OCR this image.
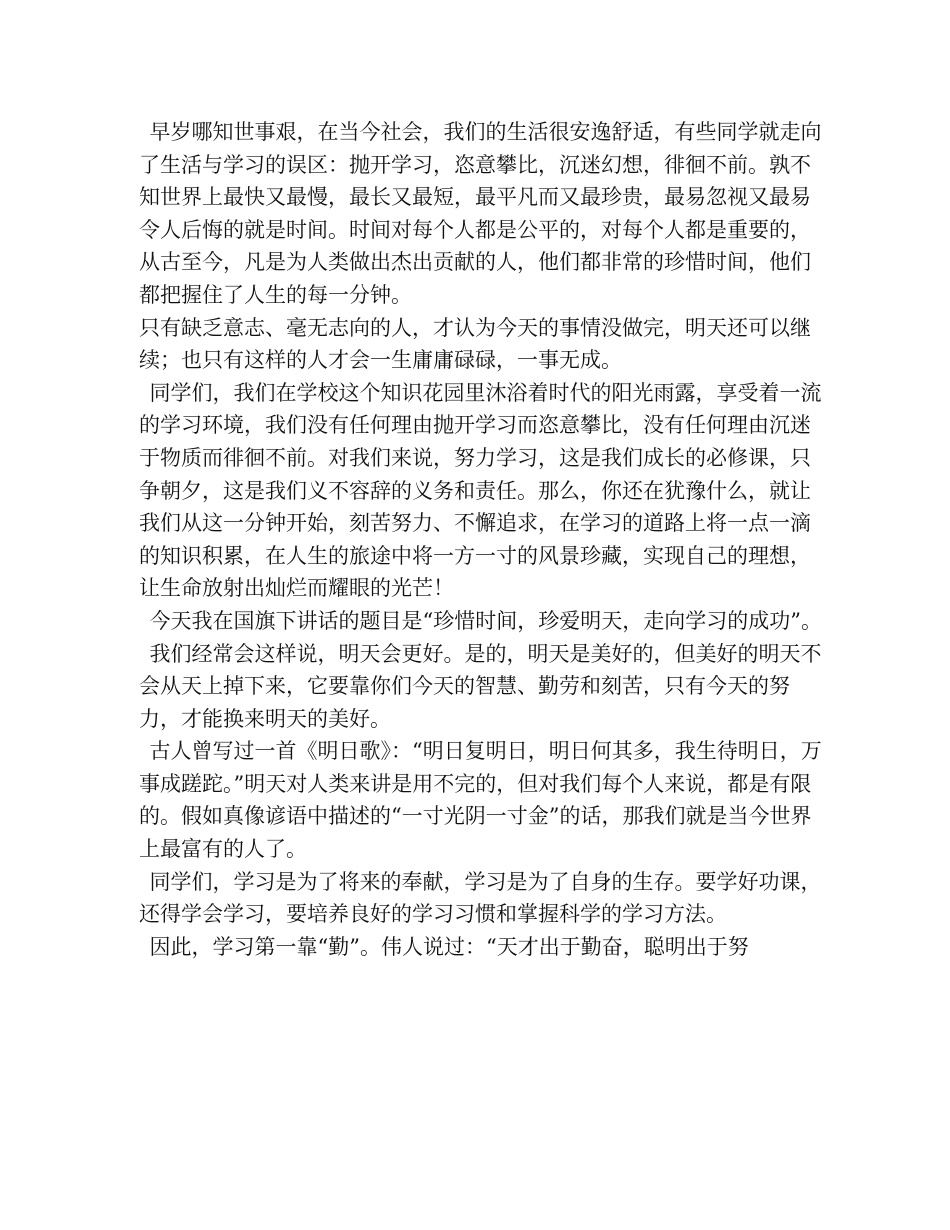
 早岁哪知世事艰，在当今社会，我们的生活很安逸舒适，有些同学就走向了生活与学习的误区：抛开学习，恣意攀比，沉迷幻想，徘徊不前。孰不知世界上最快又最慢，最长又最短，最平凡而又最珍贵，最易忽视又最易令人后悔的就是时间。时间对每个人都是公平的，对每个人都是重要的，从古至今，凡是为人类做出杰出贡献的人，他们都非常的珍惜时间，他们都把握住了人生的每一分钟。

只有缺乏意志、毫无志向的人，才认为今天的事情没做完，明天还可以继续；也只有这样的人才会一生庸庸碌碌，一事无成。

 同学们，我们在学校这个知识花园里沐浴着时代的阳光雨露，享受着一流的学习环境，我们没有任何理由抛开学习而恣意攀比，没有任何理由沉迷于物质而徘徊不前。对我们来说，努力学习，这是我们成长的必修课，只争朝夕，这是我们义不容辞的义务和责任。那么，你还在犹豫什么，就让我们从这一分钟开始，刻苦努力、不懈追求，在学习的道路上将一点一滴的知识积累，在人生的旅途中将一方一寸的风景珍藏，实现自己的理想，让生命放射出灿烂而耀眼的光芒！

 今天我在国旗下讲话的题目是“珍惜时间，珍爱明天，走向学习的成功”。

 我们经常会这样说，明天会更好。是的，明天是美好的，但美好的明天不会从天上掉下来，它要靠你们今天的智慧、勤劳和刻苦，只有今天的努力，才能换来明天的美好。

 古人曾写过一首《明日歌》：“明日复明日，明日何其多，我生待明日，万事成蹉跎。”明天对人类来讲是用不完的，但对我们每个人来说，都是有限的。假如真像谚语中描述的“一寸光阴一寸金”的话，那我们就是当今世界上最富有的人了。

 同学们，学习是为了将来的奉献，学习是为了自身的生存。要学好功课，还得学会学习，要培养良好的学习习惯和掌握科学的学习方法。

 因此，学习第一靠“勤”。伟人说过：“天才出于勤奋，聪明出于努
